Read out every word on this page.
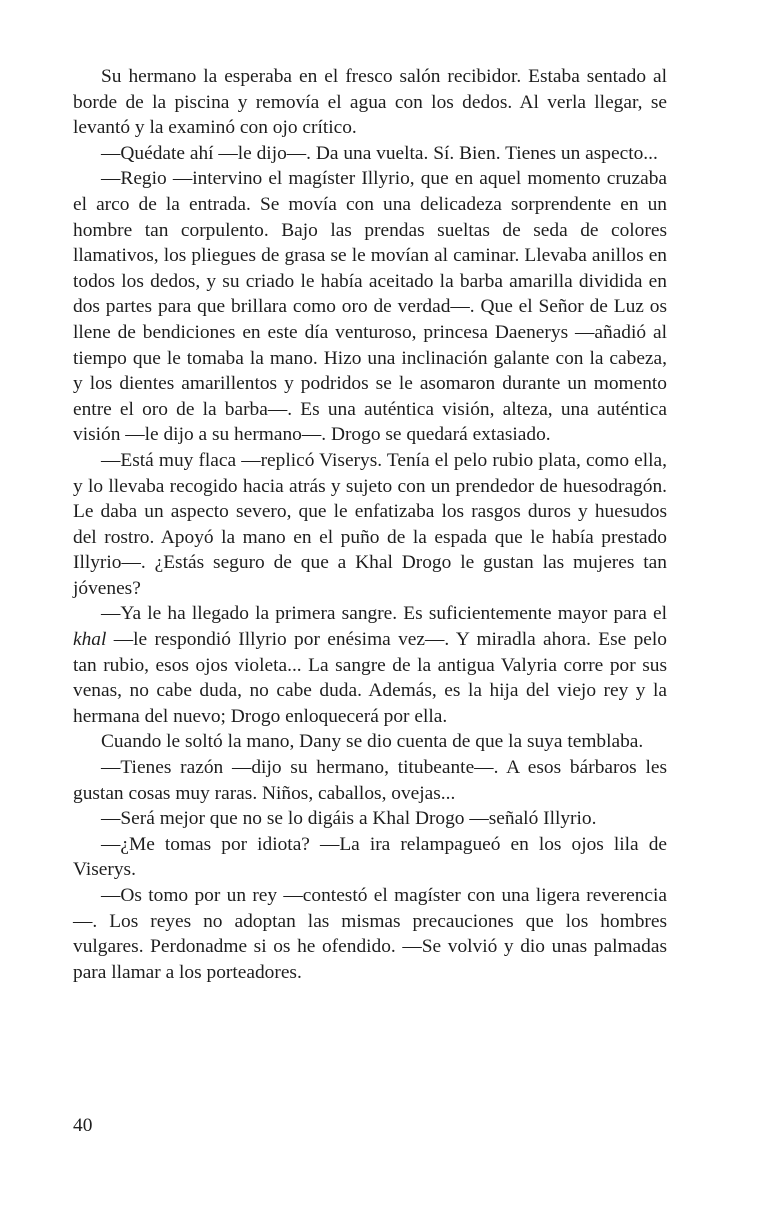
Su hermano la esperaba en el fresco salón recibidor. Estaba sentado al borde de la piscina y removía el agua con los dedos. Al verla llegar, se levantó y la examinó con ojo crítico.

—Quédate ahí —le dijo—. Da una vuelta. Sí. Bien. Tienes un aspecto...

—Regio —intervino el magíster Illyrio, que en aquel momento cruzaba el arco de la entrada. Se movía con una delicadeza sorprendente en un hombre tan corpulento. Bajo las prendas sueltas de seda de colores llamativos, los pliegues de grasa se le movían al caminar. Llevaba anillos en todos los dedos, y su criado le había aceitado la barba amarilla dividida en dos partes para que brillara como oro de verdad—. Que el Señor de Luz os llene de bendiciones en este día venturoso, princesa Daenerys —añadió al tiempo que le tomaba la mano. Hizo una inclinación galante con la cabeza, y los dientes amarillentos y podridos se le asomaron durante un momento entre el oro de la barba—. Es una auténtica visión, alteza, una auténtica visión —le dijo a su hermano—. Drogo se quedará extasiado.

—Está muy flaca —replicó Viserys. Tenía el pelo rubio plata, como ella, y lo llevaba recogido hacia atrás y sujeto con un prendedor de huesodragón. Le daba un aspecto severo, que le enfatizaba los rasgos duros y huesudos del rostro. Apoyó la mano en el puño de la espada que le había prestado Illyrio—. ¿Estás seguro de que a Khal Drogo le gustan las mujeres tan jóvenes?

—Ya le ha llegado la primera sangre. Es suficientemente mayor para el khal —le respondió Illyrio por enésima vez—. Y miradla ahora. Ese pelo tan rubio, esos ojos violeta... La sangre de la antigua Valyria corre por sus venas, no cabe duda, no cabe duda. Además, es la hija del viejo rey y la hermana del nuevo; Drogo enloquecerá por ella.

Cuando le soltó la mano, Dany se dio cuenta de que la suya temblaba.

—Tienes razón —dijo su hermano, titubeante—. A esos bárbaros les gustan cosas muy raras. Niños, caballos, ovejas...

—Será mejor que no se lo digáis a Khal Drogo —señaló Illyrio.

—¿Me tomas por idiota? —La ira relampagueó en los ojos lila de Viserys.

—Os tomo por un rey —contestó el magíster con una ligera reverencia—. Los reyes no adoptan las mismas precauciones que los hombres vulgares. Perdonadme si os he ofendido. —Se volvió y dio unas palmadas para llamar a los porteadores.

40
